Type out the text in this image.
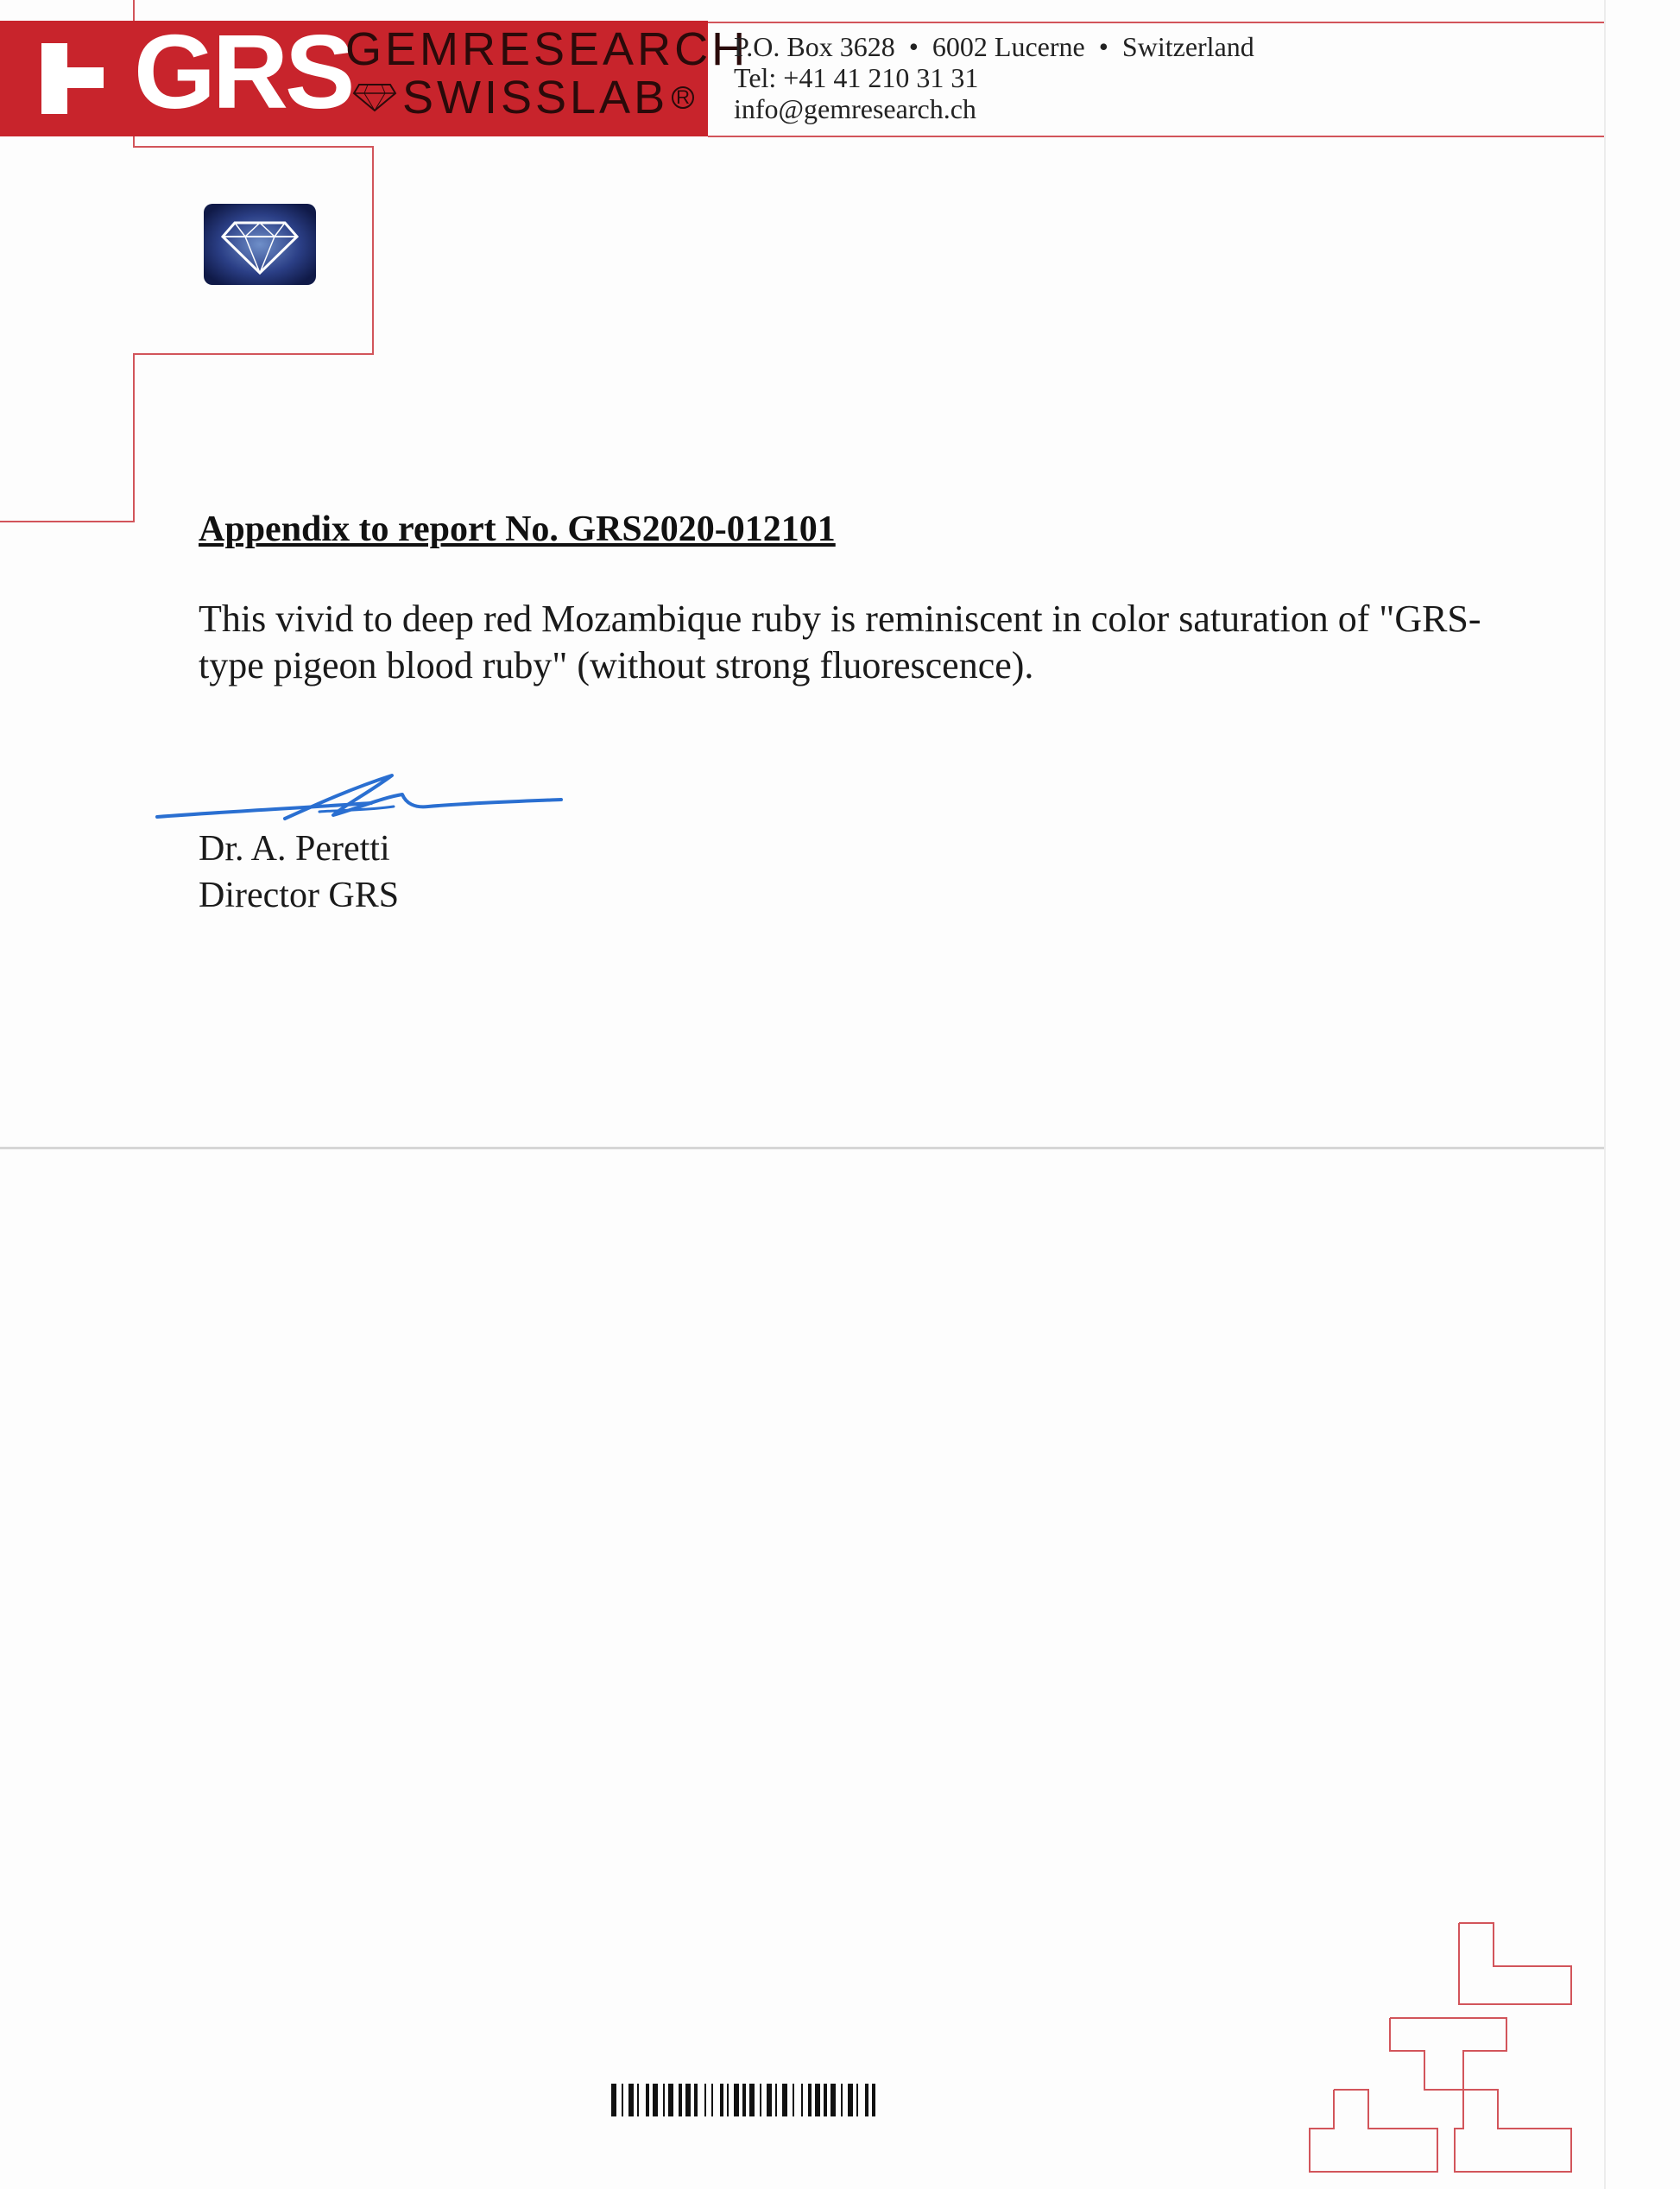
GRS
GEMRESEARCH
SWISSLAB R
P.O. Box 3628  •  6002 Lucerne  •  Switzerland
Tel: +41 41 210 31 31
info@gemresearch.ch
Appendix to report No. GRS2020-012101
This vivid to deep red Mozambique ruby is reminiscent in color saturation of "GRS-type pigeon blood ruby" (without strong fluorescence).
Dr. A. Peretti
Director GRS
